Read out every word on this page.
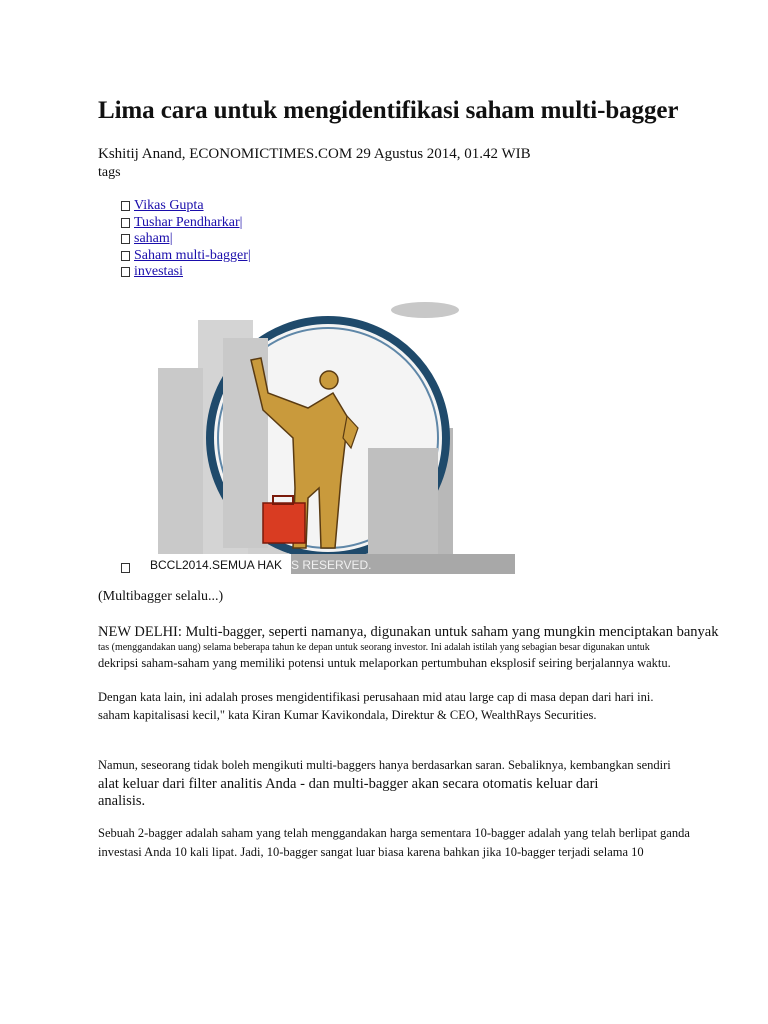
Lima cara untuk mengidentifikasi saham multi-bagger
Kshitij Anand, ECONOMICTIMES.COM 29 Agustus 2014, 01.42 WIB
tags
Vikas Gupta
Tushar Pendharkar|
saham|
Saham multi-bagger|
investasi
BCCL2014.SEMUA HAK S RESERVED.
(Multibagger selalu...)
NEW DELHI: Multi-bagger, seperti namanya, digunakan untuk saham yang mungkin menciptakan banyak
tas (menggandakan uang) selama beberapa tahun ke depan untuk seorang investor. Ini adalah istilah yang sebagian besar digunakan untuk
dekripsi saham-saham yang memiliki potensi untuk melaporkan pertumbuhan eksplosif seiring berjalannya waktu.
Dengan kata lain, ini adalah proses mengidentifikasi perusahaan mid atau large cap di masa depan dari hari ini.
saham kapitalisasi kecil," kata Kiran Kumar Kavikondala, Direktur & CEO, WealthRays Securities.
Namun, seseorang tidak boleh mengikuti multi-baggers hanya berdasarkan saran. Sebaliknya, kembangkan sendiri
alat keluar dari filter analitis Anda - dan multi-bagger akan secara otomatis keluar dari
analisis.
Sebuah 2-bagger adalah saham yang telah menggandakan harga sementara 10-bagger adalah yang telah berlipat ganda
investasi Anda 10 kali lipat. Jadi, 10-bagger sangat luar biasa karena bahkan jika 10-bagger terjadi selama 10
